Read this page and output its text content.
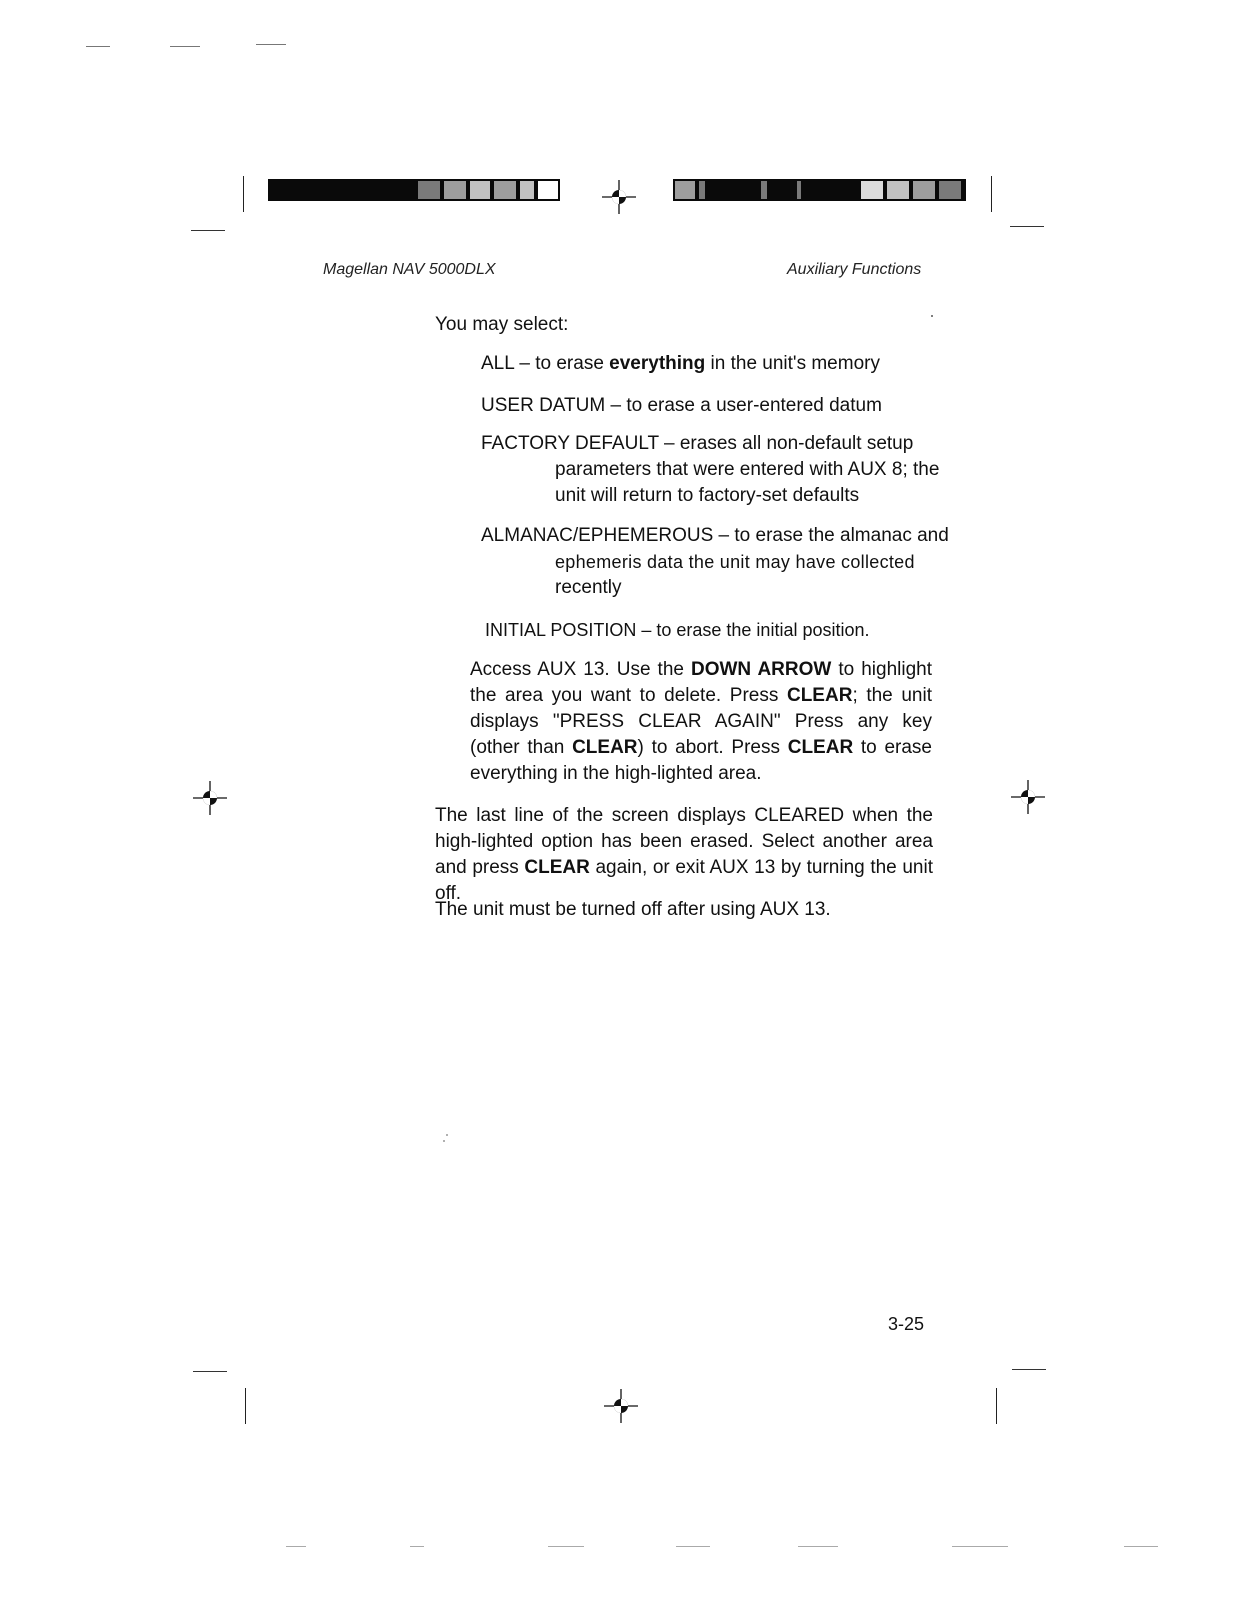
Magellan NAV 5000DLX	Auxiliary Functions

You may select:

ALL – to erase everything in the unit's memory

USER DATUM – to erase a user-entered datum

FACTORY DEFAULT – erases all non-default setup

parameters that were entered with AUX 8; the

unit will return to factory-set defaults

ALMANAC/EPHEMEROUS – to erase the almanac and

ephemeris data the unit may have collected

recently

INITIAL POSITION – to erase the initial position.

Access AUX 13. Use the DOWN ARROW to highlight the area you want to delete. Press CLEAR; the unit displays "PRESS CLEAR AGAIN" Press any key (other than CLEAR) to abort. Press CLEAR to erase everything in the high-lighted area.

The last line of the screen displays CLEARED when the high-lighted option has been erased. Select another area and press CLEAR again, or exit AUX 13 by turning the unit off.

The unit must be turned off after using AUX 13.

3-25
